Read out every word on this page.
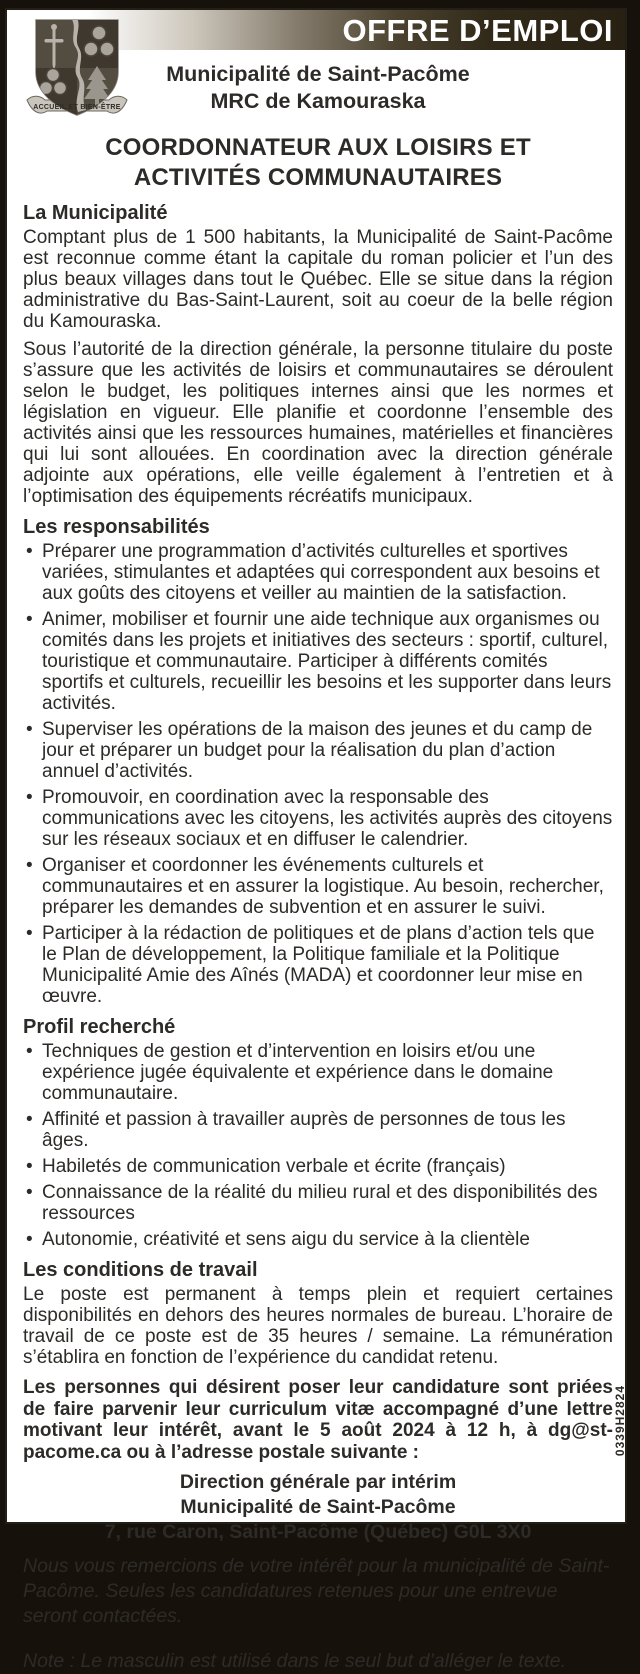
OFFRE D’EMPLOI
ACCUEIL ET BIEN-ÊTRE
Municipalité de Saint-Pacôme
MRC de Kamouraska
COORDONNATEUR AUX LOISIRS ET
ACTIVITÉS COMMUNAUTAIRES
La Municipalité

Comptant plus de 1 500 habitants, la Municipalité de Saint-Pacôme est reconnue comme étant la capitale du roman policier et l’un des plus beaux villages dans tout le Québec. Elle se situe dans la région administrative du Bas-Saint-Laurent, soit au coeur de la belle région du Kamouraska.

Sous l’autorité de la direction générale, la personne titulaire du poste s’assure que les activités de loisirs et communautaires se déroulent selon le budget, les politiques internes ainsi que les normes et législation en vigueur. Elle planifie et coordonne l’ensemble des activités ainsi que les ressources humaines, matérielles et financières qui lui sont allouées. En coordination avec la direction générale adjointe aux opérations, elle veille également à l’entretien et à l’optimisation des équipements récréatifs municipaux.

Les responsabilités
• Préparer une programmation d’activités culturelles et sportives variées, stimulantes et adaptées qui correspondent aux besoins et aux goûts des citoyens et veiller au maintien de la satisfaction.
• Animer, mobiliser et fournir une aide technique aux organismes ou comités dans les projets et initiatives des secteurs : sportif, culturel, touristique et communautaire. Participer à différents comités sportifs et culturels, recueillir les besoins et les supporter dans leurs activités.
• Superviser les opérations de la maison des jeunes et du camp de jour et préparer un budget pour la réalisation du plan d’action annuel d’activités.
• Promouvoir, en coordination avec la responsable des communications avec les citoyens, les activités auprès des citoyens sur les réseaux sociaux et en diffuser le calendrier.
• Organiser et coordonner les événements culturels et communautaires et en assurer la logistique. Au besoin, rechercher, préparer les demandes de subvention et en assurer le suivi.
• Participer à la rédaction de politiques et de plans d’action tels que le Plan de développement, la Politique familiale et la Politique Municipalité Amie des Aînés (MADA) et coordonner leur mise en œuvre.
Profil recherché
• Techniques de gestion et d’intervention en loisirs et/ou une expérience jugée équivalente et expérience dans le domaine communautaire.
• Affinité et passion à travailler auprès de personnes de tous les âges.
• Habiletés de communication verbale et écrite (français)
• Connaissance de la réalité du milieu rural et des disponibilités des ressources
• Autonomie, créativité et sens aigu du service à la clientèle
Les conditions de travail

Le poste est permanent à temps plein et requiert certaines disponibilités en dehors des heures normales de bureau. L’horaire de travail de ce poste est de 35 heures / semaine. La rémunération s’établira en fonction de l’expérience du candidat retenu.

Les personnes qui désirent poser leur candidature sont priées de faire parvenir leur curriculum vitæ accompagné d’une lettre motivant leur intérêt, avant le 5 août 2024 à 12 h, à dg@st-pacome.ca ou à l’adresse postale suivante :

Direction générale par intérim
Municipalité de Saint-Pacôme
7, rue Caron, Saint-Pacôme (Québec) G0L 3X0

Nous vous remercions de votre intérêt pour la municipalité de Saint-Pacôme. Seules les candidatures retenues pour une entrevue seront contactées.

Note : Le masculin est utilisé dans le seul but d’alléger le texte.

0339H2824
